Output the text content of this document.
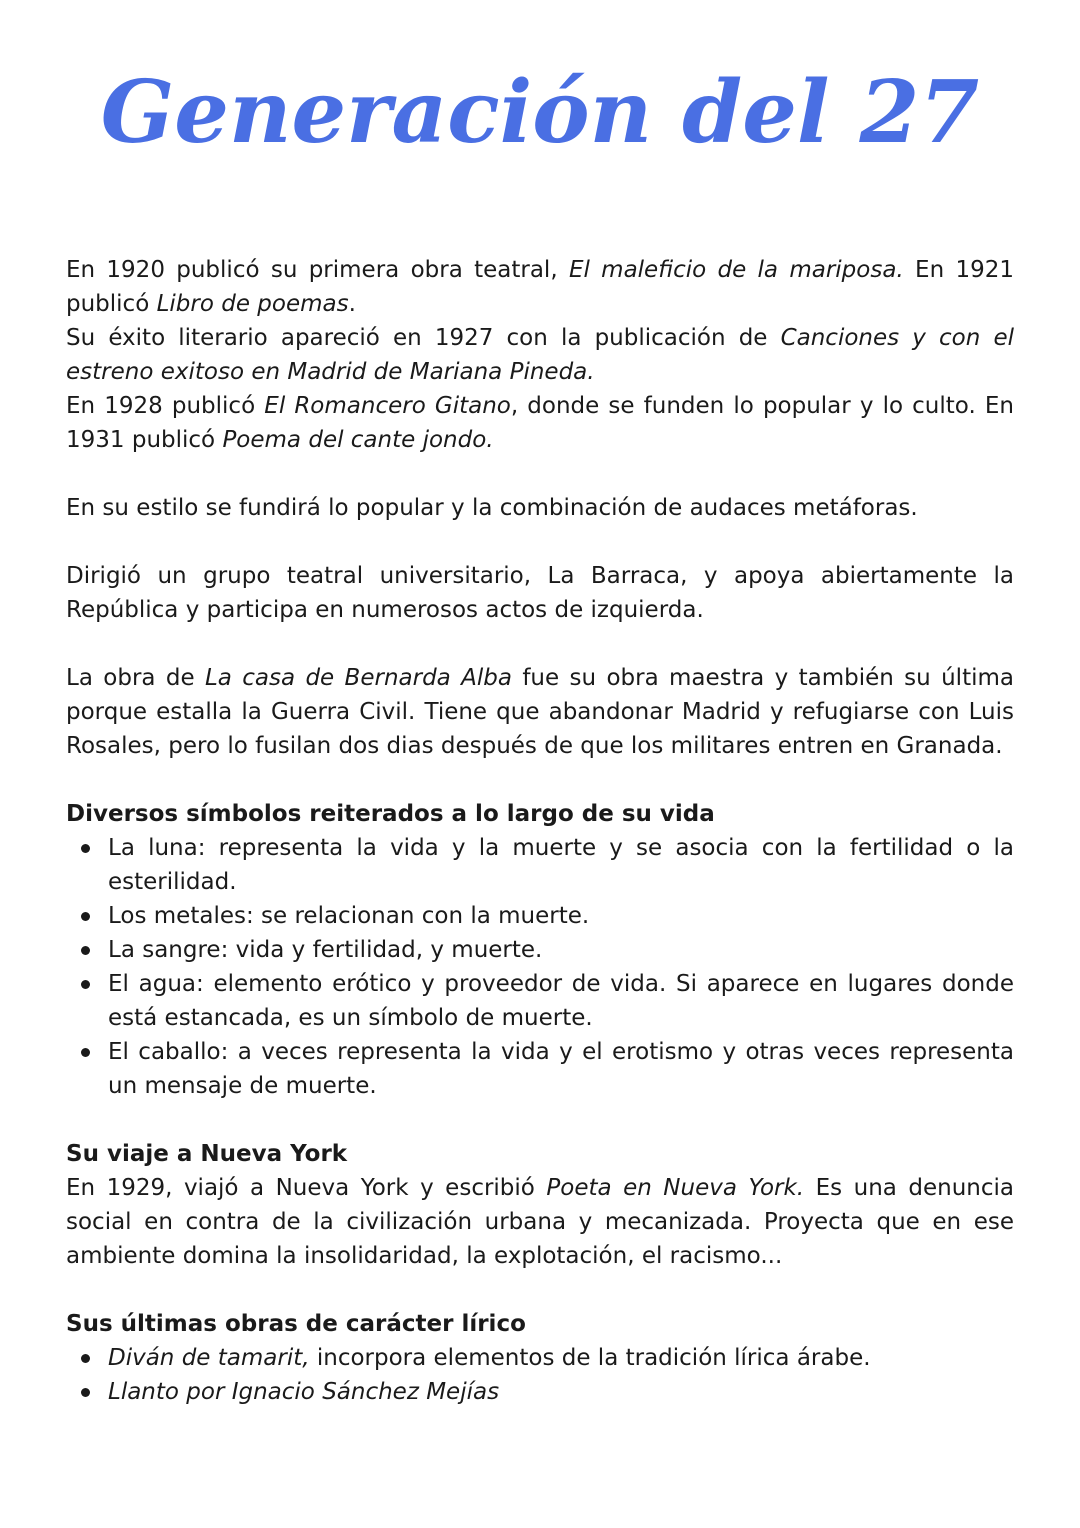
Generación del 27

En 1920 publicó su primera obra teatral, El maleficio de la mariposa. En 1921 publicó Libro de poemas.

Su éxito literario apareció en 1927 con la publicación de Canciones y con el estreno exitoso en Madrid de Mariana Pineda.

En 1928 publicó El Romancero Gitano, donde se funden lo popular y lo culto. En 1931 publicó Poema del cante jondo.

En su estilo se fundirá lo popular y la combinación de audaces metáforas.

Dirigió un grupo teatral universitario, La Barraca, y apoya abiertamente la República y participa en numerosos actos de izquierda.

La obra de La casa de Bernarda Alba fue su obra maestra y también su última porque estalla la Guerra Civil. Tiene que abandonar Madrid y refugiarse con Luis Rosales, pero lo fusilan dos dias después de que los militares entren en Granada.

Diversos símbolos reiterados a lo largo de su vida

La luna: representa la vida y la muerte y se asocia con la fertilidad o la esterilidad.
Los metales: se relacionan con la muerte.
La sangre: vida y fertilidad, y muerte.
El agua: elemento erótico y proveedor de vida. Si aparece en lugares donde está estancada, es un símbolo de muerte.
El caballo: a veces representa la vida y el erotismo y otras veces representa un mensaje de muerte.

Su viaje a Nueva York

En 1929, viajó a Nueva York y escribió Poeta en Nueva York. Es una denuncia social en contra de la civilización urbana y mecanizada. Proyecta que en ese ambiente domina la insolidaridad, la explotación, el racismo...

Sus últimas obras de carácter lírico

Diván de tamarit, incorpora elementos de la tradición lírica árabe.
Llanto por Ignacio Sánchez Mejías
